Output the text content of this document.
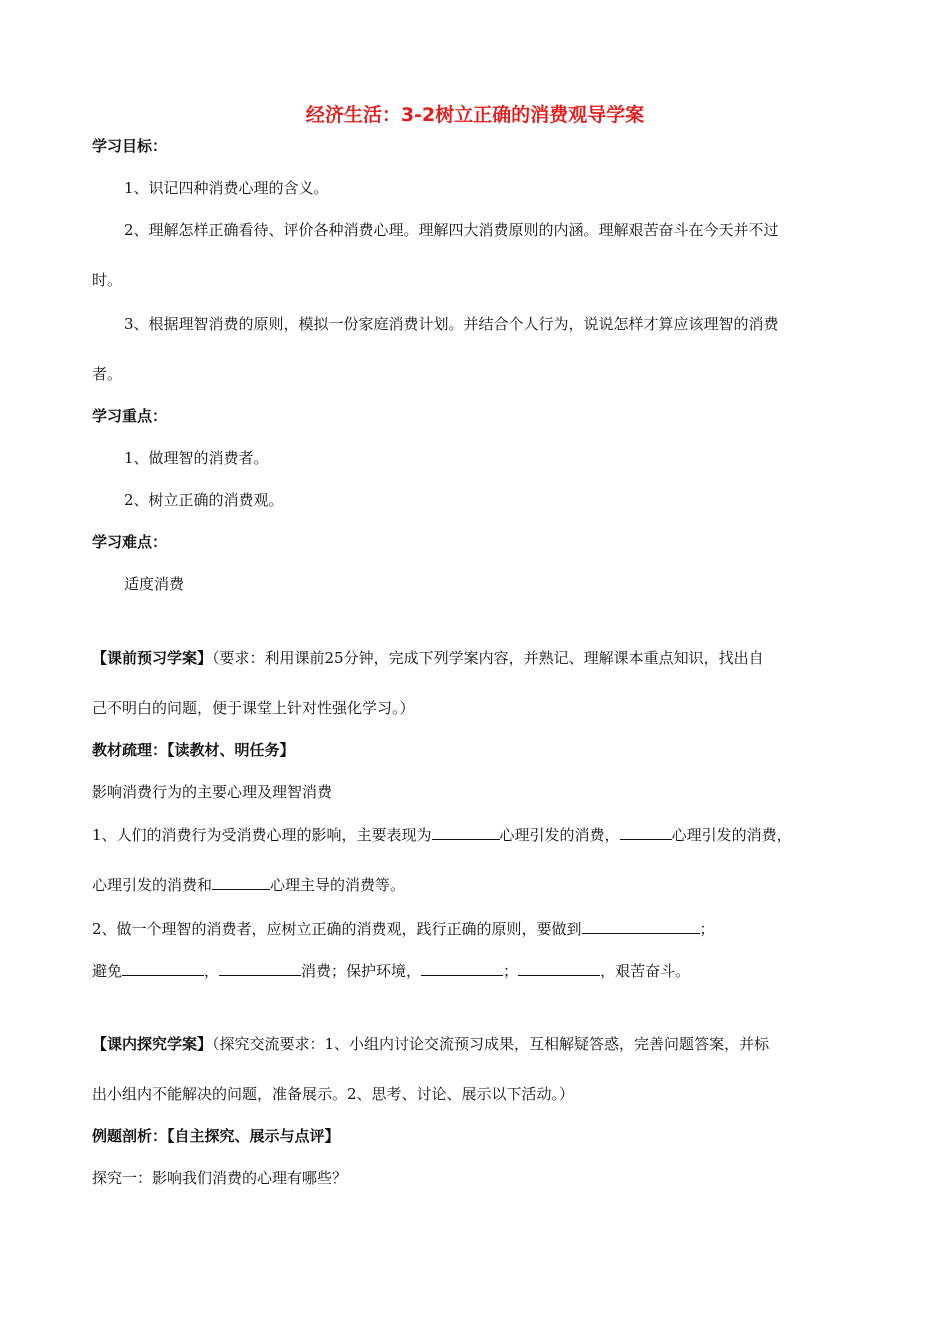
经济生活：3-2树立正确的消费观导学案
学习目标：
1、识记四种消费心理的含义。
2、理解怎样正确看待、评价各种消费心理。理解四大消费原则的内涵。理解艰苦奋斗在今天并不过
时。
3、根据理智消费的原则，模拟一份家庭消费计划。并结合个人行为，说说怎样才算应该理智的消费
者。
学习重点：
1、做理智的消费者。
2、树立正确的消费观。
学习难点：
适度消费
【课前预习学案】（要求：利用课前25分钟，完成下列学案内容，并熟记、理解课本重点知识，找出自
己不明白的问题，便于课堂上针对性强化学习。）
教材疏理：【读教材、明任务】
影响消费行为的主要心理及理智消费
1、人们的消费行为受消费心理的影响，主要表现为	心理引发的消费，	心理引发的消费，
心理引发的消费和	心理主导的消费等。
2、做一个理智的消费者，应树立正确的消费观，践行正确的原则，要做到	；
避免	，	消费；保护环境，	；	，艰苦奋斗。
【课内探究学案】（探究交流要求：1、小组内讨论交流预习成果，互相解疑答惑，完善问题答案，并标
出小组内不能解决的问题，准备展示。2、思考、讨论、展示以下活动。）
例题剖析：【自主探究、展示与点评】
探究一：影响我们消费的心理有哪些？
